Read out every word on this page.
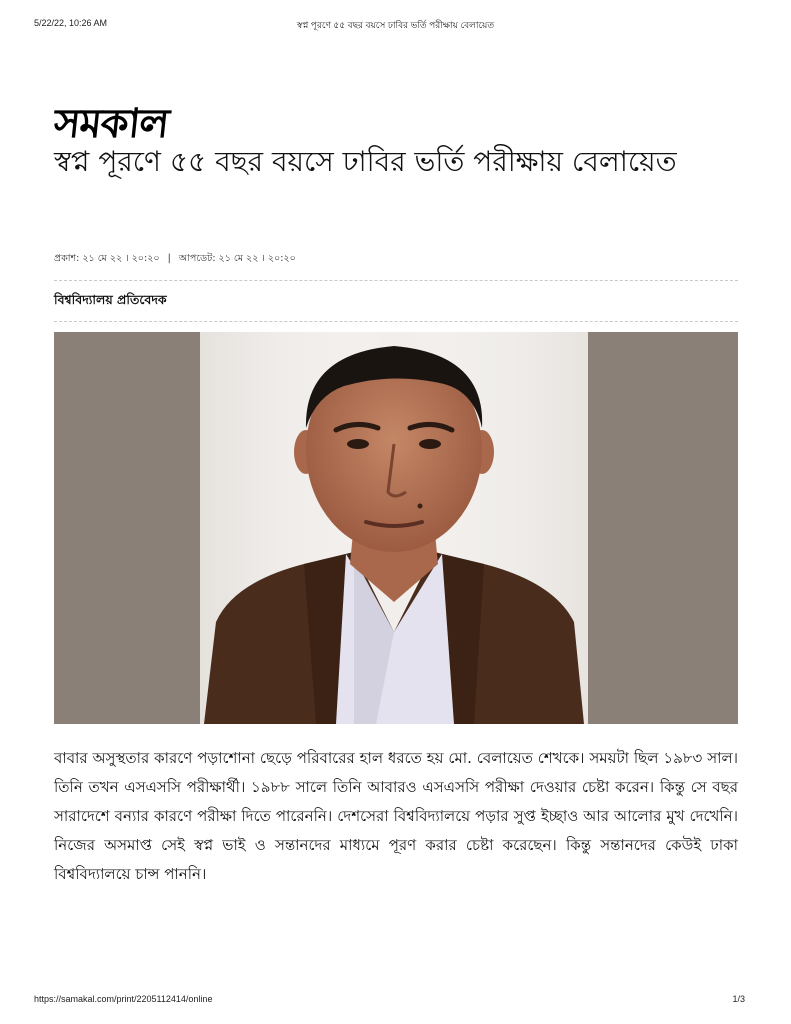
5/22/22, 10:26 AM	স্বপ্ন পূরণে ৫৫ বছর বয়সে ঢাবির ভর্তি পরীক্ষায় বেলায়েত
সমকাল
স্বপ্ন পূরণে ৫৫ বছর বয়সে ঢাবির ভর্তি পরীক্ষায় বেলায়েত
প্রকাশ: ২১ মে ২২ । ২০:২০ | আপডেট: ২১ মে ২২ । ২০:২০
বিশ্ববিদ্যালয় প্রতিবেদক

বাবার অসুস্থতার কারণে পড়াশোনা ছেড়ে পরিবারের হাল ধরতে হয় মো. বেলায়েত শেখকে। সময়টা ছিল ১৯৮৩ সাল। তিনি তখন এসএসসি পরীক্ষার্থী। ১৯৮৮ সালে তিনি আবারও এসএসসি পরীক্ষা দেওয়ার চেষ্টা করেন। কিন্তু সে বছর সারাদেশে বন্যার কারণে পরীক্ষা দিতে পারেননি। দেশসেরা বিশ্ববিদ্যালয়ে পড়ার সুপ্ত ইচ্ছাও আর আলোর মুখ দেখেনি। নিজের অসমাপ্ত সেই স্বপ্ন ভাই ও সন্তানদের মাধ্যমে পূরণ করার চেষ্টা করেছেন। কিন্তু সন্তানদের কেউই ঢাকা বিশ্ববিদ্যালয়ে চান্স পাননি।

https://samakal.com/print/2205112414/online	1/3
